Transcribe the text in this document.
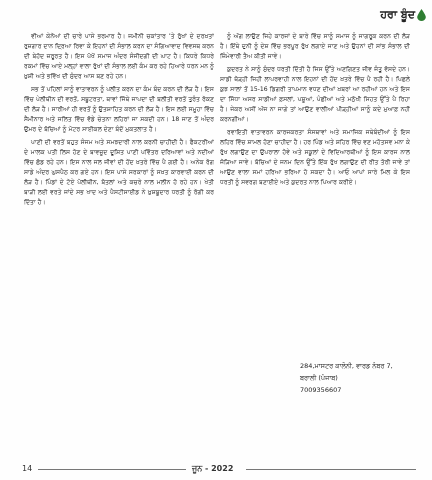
ਹਰਾ ਬੂੰਦ

ਵੀਆਂ ਕੇਨੋਆਂ ਦੀ ਚਾਰੇ ਪਾਸੇ ਭਰਮਾਰ ਹੈ। ਜਮੀਨੀ ਚਕਾਂਤਾਰ ’ਤੇ ਰੁੱਖਾਂ ਦੇ ਦਰਖ਼ਤਾਂ ਰੁਜ਼ਗਾਰ ਦਾਨ ਦ੍ਰਿਆ ਰਿਵਾ ਕੇ ਇਹਨਾਂ ਦੀ ਸੰਭਾਲ ਕਰਨ ਦਾ ਸੰਗਿਆਵਾਦ ਵਿਵਸਥ ਕਰਨ ਦੀ ਬੇਹੱਦ ਜ਼ਰੂਰਤ ਹੈ। ਇਸ ਪੱਖੋਂ ਸਮਾਜ ਅੰਦਰ ਸੰਜੀਦਗੀ ਦੀ ਘਾਟ ਹੈ। ਕਿਧਰੇ ਕਿਧਰੇ ਰਕਮਾਂ ਵਿੱਚ ਆਏ ਮਲ੍ਹਾਂ ਵਾਲਾ ਰੁੱਖਾਂ ਦੀ ਸੰਭਾਲ ਲਈ ਕੰਮ ਕਰ ਰਹੇ ਹਿਆਰੇ ਧਰਨ ਮਨ ਨੂੰ ਖ਼ੁਸ਼ੀ ਅਤੇ ਭਵਿੱਖ ਦੀ ਸੁੰਦਰ ਆਸ ਬਣ ਰਹੇ ਹਨ।

ਸਭ ਤੋਂ ਪਹਿਲਾਂ ਸਾਨੂੰ ਵਾਤਾਵਰਨ ਨੂੰ ਪਲੀਤ ਕਰਨ ਦਾ ਕੰਮ ਬੰਦ ਕਰਨ ਦੀ ਲੋੜ ਹੈ। ਇਸ ਵਿੱਚ ਪੇਲੀਥੀਨ ਦੀ ਵਰਤੋਂ, ਸਬੂਟਰਤਾ, ਥਾਵਾਂ ਜਿੱਥੇ ਜਾਪਦਾ ਦੀ ਬਲੀਤੀ ਵਰਤੋਂ ਤੁਰੰਤ ਰੋਕਣ ਦੀ ਲੋੜ ਹੈ। ਸਾਰੀਆਂ ਹੀ ਵਰਤੋਂ ਨੂੰ ਉਤਸ਼ਾਹਿਤ ਕਰਨ ਦੀ ਲੋੜ ਹੈ। ਇਸ ਲਈ ਸਮੂਹਾ ਵਿੱਚ ਸੈਮੀਨਾਰ ਅਤੇ ਜਲਿਤ ਵਿੱਚ ਵੱਡੇ ਚੇਤਨਾ ਲਹਿਰਾਂ ਜਾ ਸਕਦੀ ਹਨ। 18 ਜਾਣ ਤੋਂ ਅੰਦਰ ਉਮਰ ਦੇ ਬੱਚਿਆਂ ਨੂੰ ਮੋਟਰ ਸਾਈਕਲ ਦੇਣਾ ਬੰਦੋਂ ਮੁਕਤਲਾਤ ਹੈ।

ਪਾਣੀ ਦੀ ਵਰਤੋਂ ਬਹੁਤ ਸੰਜਮ ਅਤੇ ਸਮਝਦਾਰੀ ਨਾਲ ਕਰਨੀ ਚਾਹੀਦੀ ਹੈ। ਫੈਕਟਰੀਆਂ ਦੇ ਮਾਲਕ ਪਤੀ ਲਿਸ ਹੋਣ ਦੇ ਬਾਵਜੂਦ ਦੂਸ਼ਿਤ ਪਾਣੀ ਪਵਿੱਤਰ ਦਰਿਆਵਾਂ ਅਤੇ ਨਦੀਆਂ ਵਿੱਚ ਛੱਡ ਰਹੇ ਹਨ। ਇਸ ਨਾਲ ਜਲ ਜੀਵਾਂ ਦੀ ਹੋਂਦ ਖ਼ਤਰੇ ਵਿੱਚ ਪੈ ਗਈ ਹੈ। ਅਨੇਕ ਰੋਗ ਸਾਡੇ ਅੰਦਰ ਘੁਸਪੈਠ ਕਰ ਗਏ ਹਨ। ਇਸ ਪਾਸੇ ਸਰਕਾਰਾਂ ਨੂੰ ਸਖ਼ਤ ਕਾਰਵਾਈ ਕਰਨ ਦੀ ਲੋੜ ਹੈ। ਪਿੰਡਾਂ ਦੇ ਟੋਏ ਪੋਲੀਥੀਨ, ਬੋਤਲਾਂ ਅਤੇ ਕਚਰੇ ਨਾਲ ਮਲੀਨ ਹੋ ਰਹੇ ਹਨ। ਖੇਤੀ ਬਾੜੀ ਲਈ ਵਰਤੇ ਜਾਂਦੇ ਸਭ ਖਾਦ ਅਤੇ ਪੈਸਟੀਸਾਈਡ ਨੇ ਖ਼ੁਸ਼ਬੂਦਾਰ ਧਰਤੀ ਨੂੰ ਰੋਗੀ ਕਰ ਦਿੱਤਾ ਹੈ।

ਨੂੰ ਅੱਗ ਲਾਉਣ ਜਿਹੇ ਕਾਰਜਾਂ ਦੇ ਬਾਰੇ ਵਿੱਚ ਸਾਨੂੰ ਸਮਾਜ ਨੂੰ ਜਾਗਰੂਕ ਕਰਨ ਦੀ ਲੋੜ ਹੈ। ਇੱਥੇ ਦੁਨੀ ਨੂੰ ਦੇਸ਼ ਵਿੱਚ ਭਰਪੂਰ ਰੁੱਖ ਲਗਾਏ ਜਾਣ ਅਤੇ ਉਹਨਾਂ ਦੀ ਸਾਂਭ ਸੰਭਾਲ ਦੀ ਜ਼ਿੰਮੇਵਾਰੀ ਤੈਅ ਕੀਤੀ ਜਾਵੇ।

ਕੁਦਰਤ ਨੇ ਸਾਨੂੰ ਸੁੰਦਰ ਧਰਤੀ ਦਿੱਤੀ ਹੈ ਜਿਸ ਉੱਤੇ ਅਣਗਿਣਤ ਜੀਵ ਜੰਤੂ ਵੱਸਦੇ ਹਨ। ਸਾਡੀ ਥੋੜ੍ਹੀ ਜਿਹੀ ਲਾਪਰਵਾਹੀ ਨਾਲ ਇਹਨਾਂ ਦੀ ਹੋਂਦ ਖ਼ਤਰੇ ਵਿੱਚ ਪੈ ਰਹੀ ਹੈ। ਪਿਛਲੇ ਕੁਝ ਸਾਲਾਂ ਤੋਂ 15-16 ਡਿਗਰੀ ਤਾਪਮਾਨ ਵਧਣ ਦੀਆਂ ਖ਼ਬਰਾਂ ਆ ਰਹੀਆਂ ਹਨ ਅਤੇ ਇਸ ਦਾ ਸਿੱਧਾ ਅਸਰ ਸਾਡੀਆਂ ਫ਼ਸਲਾਂ, ਪਸ਼ੂਆਂ, ਪੰਛੀਆਂ ਅਤੇ ਮਨੁੱਖੀ ਸਿਹਤ ਉੱਤੇ ਪੈ ਰਿਹਾ ਹੈ। ਜੇਕਰ ਅਸੀਂ ਅੱਜ ਨਾ ਜਾਗੇ ਤਾਂ ਆਉਣ ਵਾਲੀਆਂ ਪੀੜ੍ਹੀਆਂ ਸਾਨੂੰ ਕਦੇ ਮੁਆਫ਼ ਨਹੀਂ ਕਰਨਗੀਆਂ।

ਰਵਾਇਤੀ ਵਾਤਾਵਰਨ ਕਾਰਜਕਰਤਾ ਸੰਸਥਾਵਾਂ ਅਤੇ ਸਮਾਜਿਕ ਜਥੇਬੰਦੀਆਂ ਨੂੰ ਇਸ ਲਹਿਰ ਵਿੱਚ ਸ਼ਾਮਲ ਹੋਣਾ ਚਾਹੀਦਾ ਹੈ। ਹਰ ਪਿੰਡ ਅਤੇ ਸ਼ਹਿਰ ਵਿੱਚ ਵਣ ਮਹੋਤਸਵ ਮਨਾ ਕੇ ਰੁੱਖ ਲਗਾਉਣ ਦਾ ਉਪਰਾਲਾ ਹੋਵੇ ਅਤੇ ਸਕੂਲਾਂ ਦੇ ਵਿਦਿਆਰਥੀਆਂ ਨੂੰ ਇਸ ਕਾਰਜ ਨਾਲ ਜੋੜਿਆ ਜਾਵੇ। ਬੱਚਿਆਂ ਦੇ ਜਨਮ ਦਿਨ ਉੱਤੇ ਇੱਕ ਰੁੱਖ ਲਗਾਉਣ ਦੀ ਰੀਤ ਤੋਰੀ ਜਾਵੇ ਤਾਂ ਆਉਣ ਵਾਲਾ ਸਮਾਂ ਹਰਿਆ ਭਰਿਆ ਹੋ ਸਕਦਾ ਹੈ। ਆਓ ਆਪਾਂ ਸਾਰੇ ਮਿਲ ਕੇ ਇਸ ਧਰਤੀ ਨੂੰ ਸਵਰਗ ਬਣਾਈਏ ਅਤੇ ਕੁਦਰਤ ਨਾਲ ਪਿਆਰ ਕਰੀਏ।

284,ਮਾਸਟਰ ਕਾਲੋਨੀ, ਵਾਰਡ ਨੰਬਰ 7,
ਬਰਾਲੀ (ਪੰਜਾਬ)
7009356607
14	ਜੂਨ - 2022
